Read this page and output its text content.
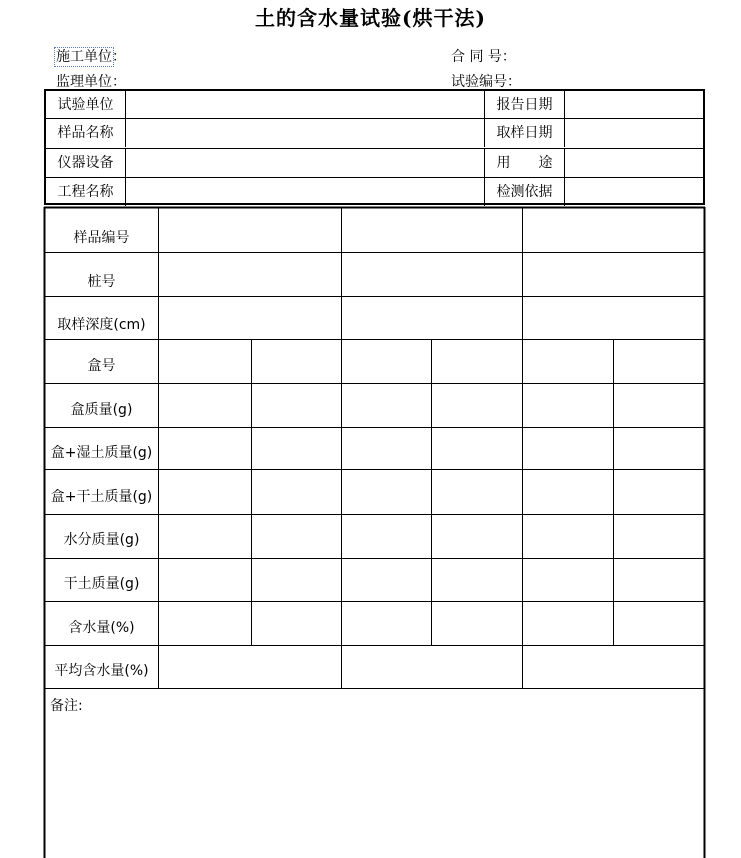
土的含水量试验(烘干法)
施工单位：
监理单位：
合 同 号：
试验编号：
试验单位	报告日期
样品名称	取样日期
仪器设备	用　　途
工程名称	检测依据
样品编号
桩号
取样深度(cm)
盒号
盒质量(g)
盒+湿土质量(g)
盒+干土质量(g)
水分质量(g)
干土质量(g)
含水量(%)
平均含水量(%)
备注:
